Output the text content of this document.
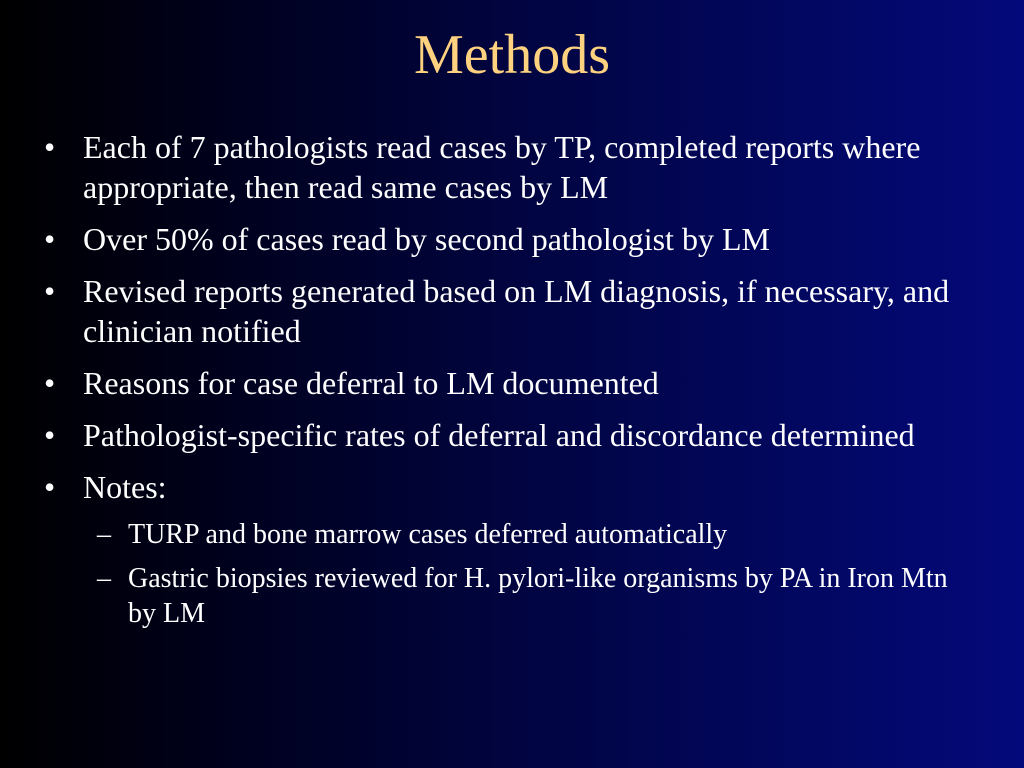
Methods
• Each of 7 pathologists read cases by TP, completed reports where appropriate, then read same cases by LM
• Over 50% of cases read by second pathologist by LM
• Revised reports generated based on LM diagnosis, if necessary, and clinician notified
• Reasons for case deferral to LM documented
• Pathologist-specific rates of deferral and discordance determined
• Notes:
– TURP and bone marrow cases deferred automatically
– Gastric biopsies reviewed for H. pylori-like organisms by PA in Iron Mtn by LM
